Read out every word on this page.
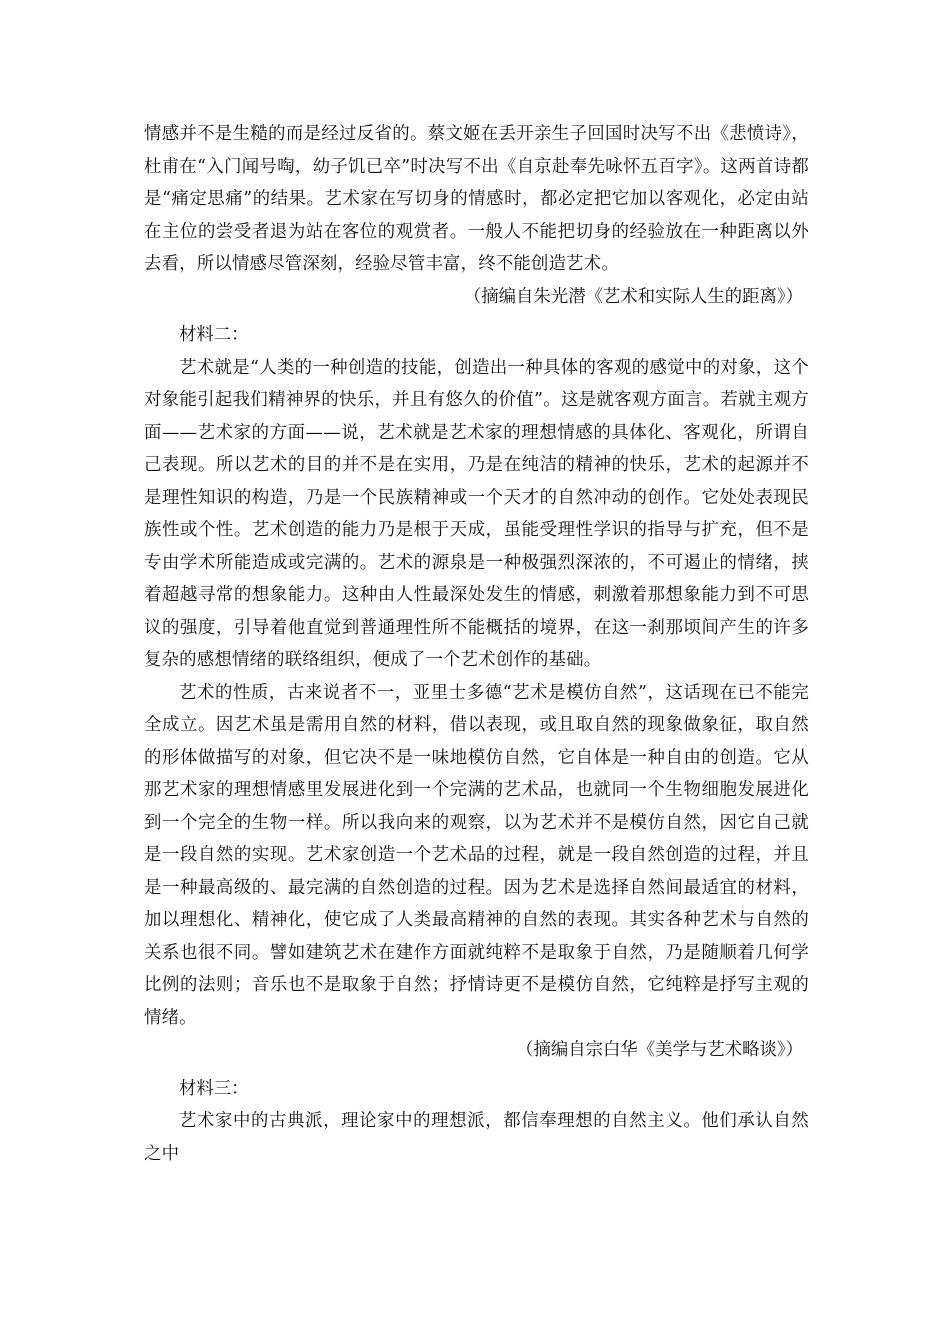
情感并不是生糙的而是经过反省的。蔡文姬在丢开亲生子回国时决写不出《悲愤诗》，杜甫在“入门闻号啕，幼子饥已卒”时决写不出《自京赴奉先咏怀五百字》。这两首诗都是“痛定思痛”的结果。艺术家在写切身的情感时，都必定把它加以客观化，必定由站在主位的尝受者退为站在客位的观赏者。一般人不能把切身的经验放在一种距离以外去看，所以情感尽管深刻，经验尽管丰富，终不能创造艺术。

（摘编自朱光潜《艺术和实际人生的距离》）

材料二：

艺术就是“人类的一种创造的技能，创造出一种具体的客观的感觉中的对象，这个对象能引起我们精神界的快乐，并且有悠久的价值”。这是就客观方面言。若就主观方面——艺术家的方面——说，艺术就是艺术家的理想情感的具体化、客观化，所谓自己表现。所以艺术的目的并不是在实用，乃是在纯洁的精神的快乐，艺术的起源并不是理性知识的构造，乃是一个民族精神或一个天才的自然冲动的创作。它处处表现民族性或个性。艺术创造的能力乃是根于天成，虽能受理性学识的指导与扩充，但不是专由学术所能造成或完满的。艺术的源泉是一种极强烈深浓的，不可遏止的情绪，挟着超越寻常的想象能力。这种由人性最深处发生的情感，刺激着那想象能力到不可思议的强度，引导着他直觉到普通理性所不能概括的境界，在这一刹那顷间产生的许多复杂的感想情绪的联络组织，便成了一个艺术创作的基础。

艺术的性质，古来说者不一，亚里士多德“艺术是模仿自然”，这话现在已不能完全成立。因艺术虽是需用自然的材料，借以表现，或且取自然的现象做象征，取自然的形体做描写的对象，但它决不是一味地模仿自然，它自体是一种自由的创造。它从那艺术家的理想情感里发展进化到一个完满的艺术品，也就同一个生物细胞发展进化到一个完全的生物一样。所以我向来的观察，以为艺术并不是模仿自然，因它自己就是一段自然的实现。艺术家创造一个艺术品的过程，就是一段自然创造的过程，并且是一种最高级的、最完满的自然创造的过程。因为艺术是选择自然间最适宜的材料，加以理想化、精神化，使它成了人类最高精神的自然的表现。其实各种艺术与自然的关系也很不同。譬如建筑艺术在建作方面就纯粹不是取象于自然，乃是随顺着几何学比例的法则；音乐也不是取象于自然；抒情诗更不是模仿自然，它纯粹是抒写主观的情绪。

（摘编自宗白华《美学与艺术略谈》）

材料三：

艺术家中的古典派，理论家中的理想派，都信奉理想的自然主义。他们承认自然之中
